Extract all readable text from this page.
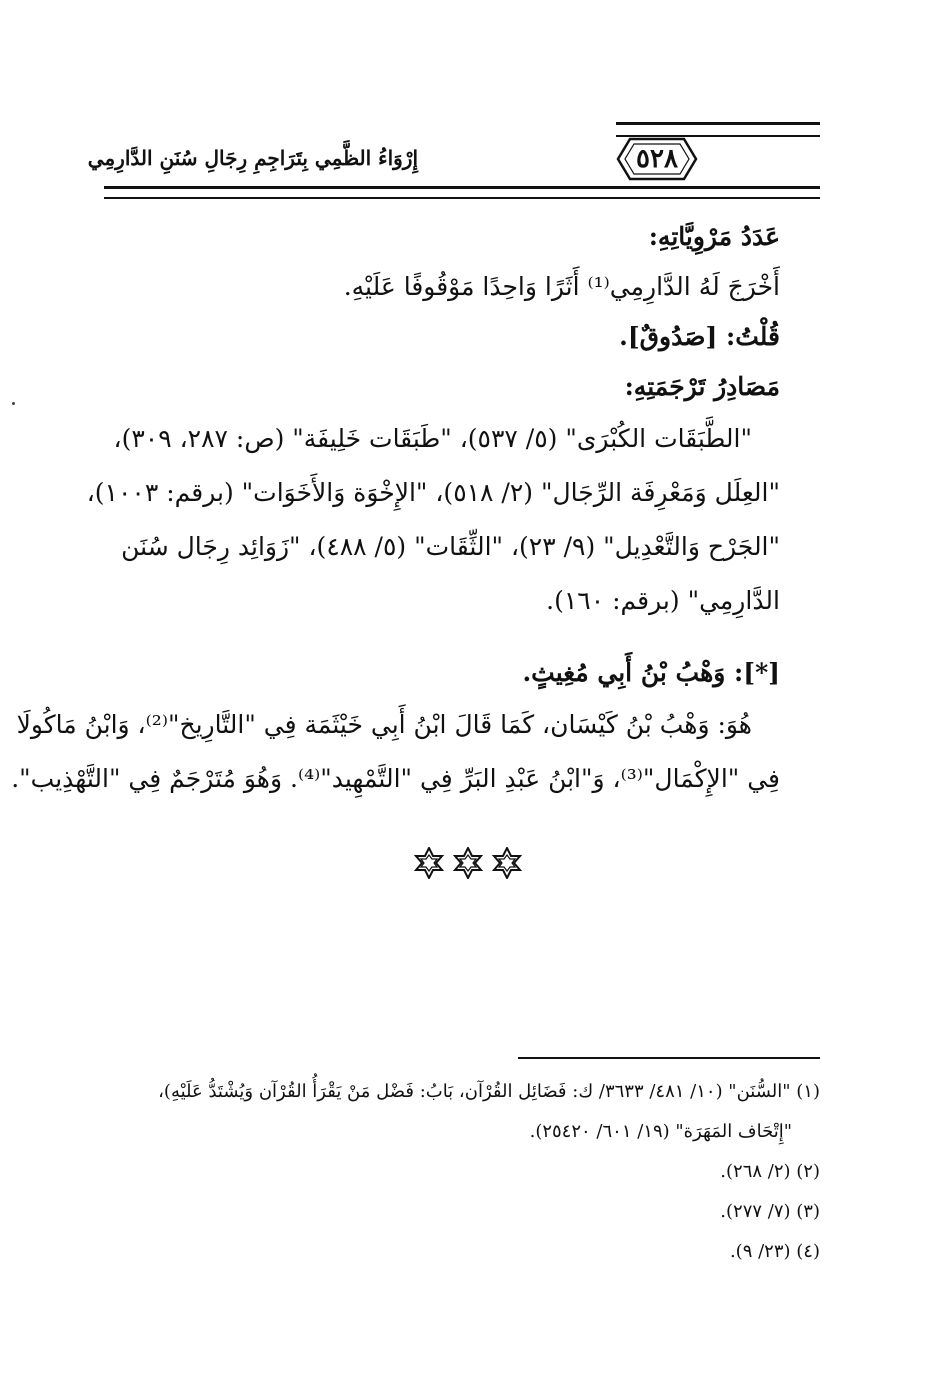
٥٢٨
إِرْوَاءُ الظَّمِي بِتَرَاجِمِ رِجَالِ سُنَنِ الدَّارِمِي
عَدَدُ مَرْوِيَّاتِهِ:
أَخْرَجَ لَهُ الدَّارِمِي⁽¹⁾ أَثَرًا وَاحِدًا مَوْقُوفًا عَلَيْهِ.
قُلْتُ: [صَدُوقٌ].
مَصَادِرُ تَرْجَمَتِهِ:
"الطَّبَقَات الكُبْرَى" (٥/ ٥٣٧)، "طَبَقَات خَلِيفَة" (ص: ٢٨٧، ٣٠٩)،
"العِلَل وَمَعْرِفَة الرِّجَال" (٢/ ٥١٨)، "الإِخْوَة وَالأَخَوَات" (برقم: ١٠٠٣)،
"الجَرْح وَالتَّعْدِيل" (٩/ ٢٣)، "الثِّقَات" (٥/ ٤٨٨)، "زَوَائِد رِجَال سُنَن
الدَّارِمِي" (برقم: ١٦٠).
[*]: وَهْبُ بْنُ أَبِي مُغِيثٍ.
هُوَ: وَهْبُ بْنُ كَيْسَان، كَمَا قَالَ ابْنُ أَبِي خَيْثَمَة فِي "التَّارِيخ"⁽²⁾، وَابْنُ مَاكُولَا
فِي "الإِكْمَال"⁽³⁾، وَ"ابْنُ عَبْدِ البَرِّ فِي "التَّمْهِيد"⁽⁴⁾. وَهُوَ مُتَرْجَمٌ فِي "التَّهْذِيب".
(١) "السُّنَن" (١٠/ ٤٨١/ ٣٦٣٣/ ك: فَضَائِل القُرْآن، بَابُ: فَضْل مَنْ يَقْرَأُ القُرْآن وَيُشْتَدُّ عَلَيْهِ)،
"إِتْحَاف المَهَرَة" (١٩/ ٦٠١/ ٢٥٤٢٠).
(٢) (٢/ ٢٦٨).
(٣) (٧/ ٢٧٧).
(٤) (٢٣/ ٩).
